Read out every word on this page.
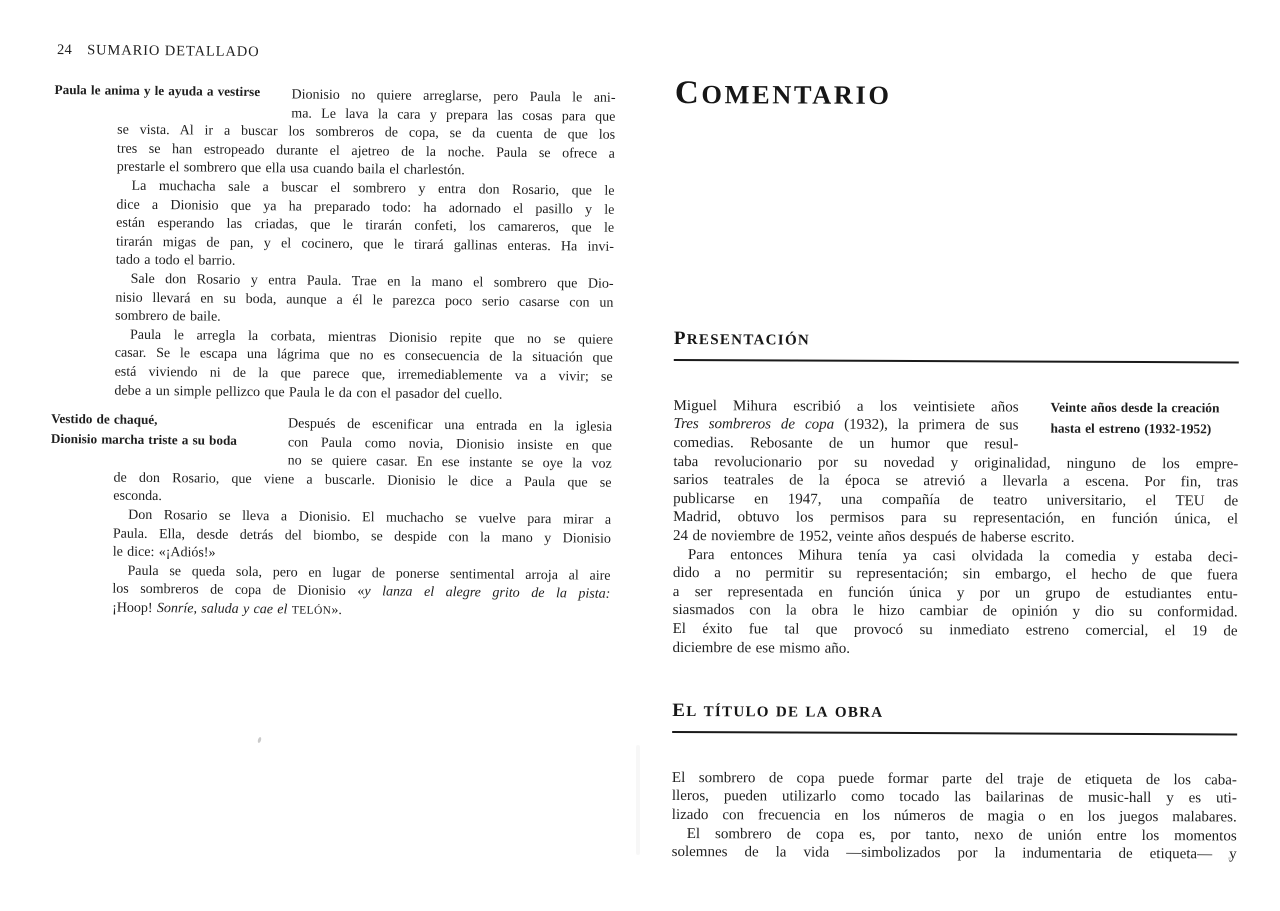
24 SUMARIO DETALLADO
Paula le anima y le ayuda a vestirse	Dionisio no quiere arreglarse, pero Paula le ani-
ma. Le lava la cara y prepara las cosas para que
se vista. Al ir a buscar los sombreros de copa, se da cuenta de que los
tres se han estropeado durante el ajetreo de la noche. Paula se ofrece a
prestarle el sombrero que ella usa cuando baila el charlestón.
La muchacha sale a buscar el sombrero y entra don Rosario, que le
dice a Dionisio que ya ha preparado todo: ha adornado el pasillo y le
están esperando las criadas, que le tirarán confeti, los camareros, que le
tirarán migas de pan, y el cocinero, que le tirará gallinas enteras. Ha invi-
tado a todo el barrio.
Sale don Rosario y entra Paula. Trae en la mano el sombrero que Dio-
nisio llevará en su boda, aunque a él le parezca poco serio casarse con un
sombrero de baile.
Paula le arregla la corbata, mientras Dionisio repite que no se quiere
casar. Se le escapa una lágrima que no es consecuencia de la situación que
está viviendo ni de la que parece que, irremediablemente va a vivir; se
debe a un simple pellizco que Paula le da con el pasador del cuello.
Vestido de chaqué,
Dionisio marcha triste a su boda
Después de escenificar una entrada en la iglesia
con Paula como novia, Dionisio insiste en que
no se quiere casar. En ese instante se oye la voz
de don Rosario, que viene a buscarle. Dionisio le dice a Paula que se
esconda.
Don Rosario se lleva a Dionisio. El muchacho se vuelve para mirar a
Paula. Ella, desde detrás del biombo, se despide con la mano y Dionisio
le dice: «¡Adiós!»
Paula se queda sola, pero en lugar de ponerse sentimental arroja al aire
los sombreros de copa de Dionisio «y lanza el alegre grito de la pista:
¡Hoop! Sonríe, saluda y cae el TELÓN».
COMENTARIO
PRESENTACIÓN
Veinte años desde la creación
hasta el estreno (1932-1952)
Miguel Mihura escribió a los veintisiete años
Tres sombreros de copa (1932), la primera de sus
comedias. Rebosante de un humor que resul-
taba revolucionario por su novedad y originalidad, ninguno de los empre-
sarios teatrales de la época se atrevió a llevarla a escena. Por fin, tras
publicarse en 1947, una compañía de teatro universitario, el TEU de
Madrid, obtuvo los permisos para su representación, en función única, el
24 de noviembre de 1952, veinte años después de haberse escrito.
Para entonces Mihura tenía ya casi olvidada la comedia y estaba deci-
dido a no permitir su representación; sin embargo, el hecho de que fuera
a ser representada en función única y por un grupo de estudiantes entu-
siasmados con la obra le hizo cambiar de opinión y dio su conformidad.
El éxito fue tal que provocó su inmediato estreno comercial, el 19 de
diciembre de ese mismo año.
EL TÍTULO DE LA OBRA
El sombrero de copa puede formar parte del traje de etiqueta de los caba-
lleros, pueden utilizarlo como tocado las bailarinas de music-hall y es uti-
lizado con frecuencia en los números de magia o en los juegos malabares.
El sombrero de copa es, por tanto, nexo de unión entre los momentos
solemnes de la vida —simbolizados por la indumentaria de etiqueta— y
